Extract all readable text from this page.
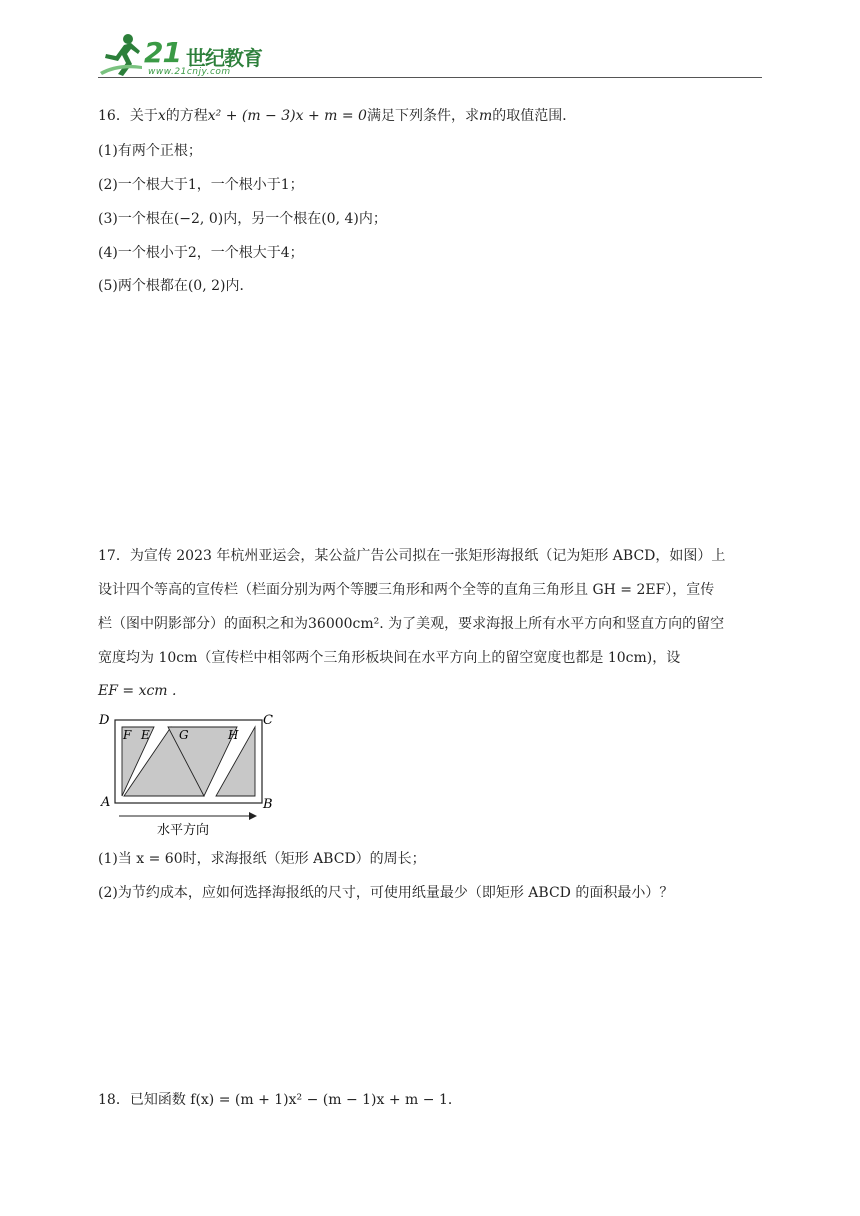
21 世纪教育
www.21cnjy.com
16．关于x的方程x² + (m − 3)x + m = 0满足下列条件，求m的取值范围．
(1)有两个正根；
(2)一个根大于1，一个根小于1；
(3)一个根在(−2, 0)内，另一个根在(0, 4)内；
(4)一个根小于2，一个根大于4；
(5)两个根都在(0, 2)内．
17．为宣传 2023 年杭州亚运会，某公益广告公司拟在一张矩形海报纸（记为矩形 ABCD，如图）上
设计四个等高的宣传栏（栏面分别为两个等腰三角形和两个全等的直角三角形且 GH = 2EF），宣传
栏（图中阴影部分）的面积之和为36000cm². 为了美观，要求海报上所有水平方向和竖直方向的留空
宽度均为 10cm（宣传栏中相邻两个三角形板块间在水平方向上的留空宽度也都是 10cm)，设
EF = xcm .
D	C
A	B
F E G	H
水平方向
(1)当 x = 60时，求海报纸（矩形 ABCD）的周长；
(2)为节约成本，应如何选择海报纸的尺寸，可使用纸量最少（即矩形 ABCD 的面积最小）？
18．已知函数 f(x) = (m + 1)x² − (m − 1)x + m − 1．
